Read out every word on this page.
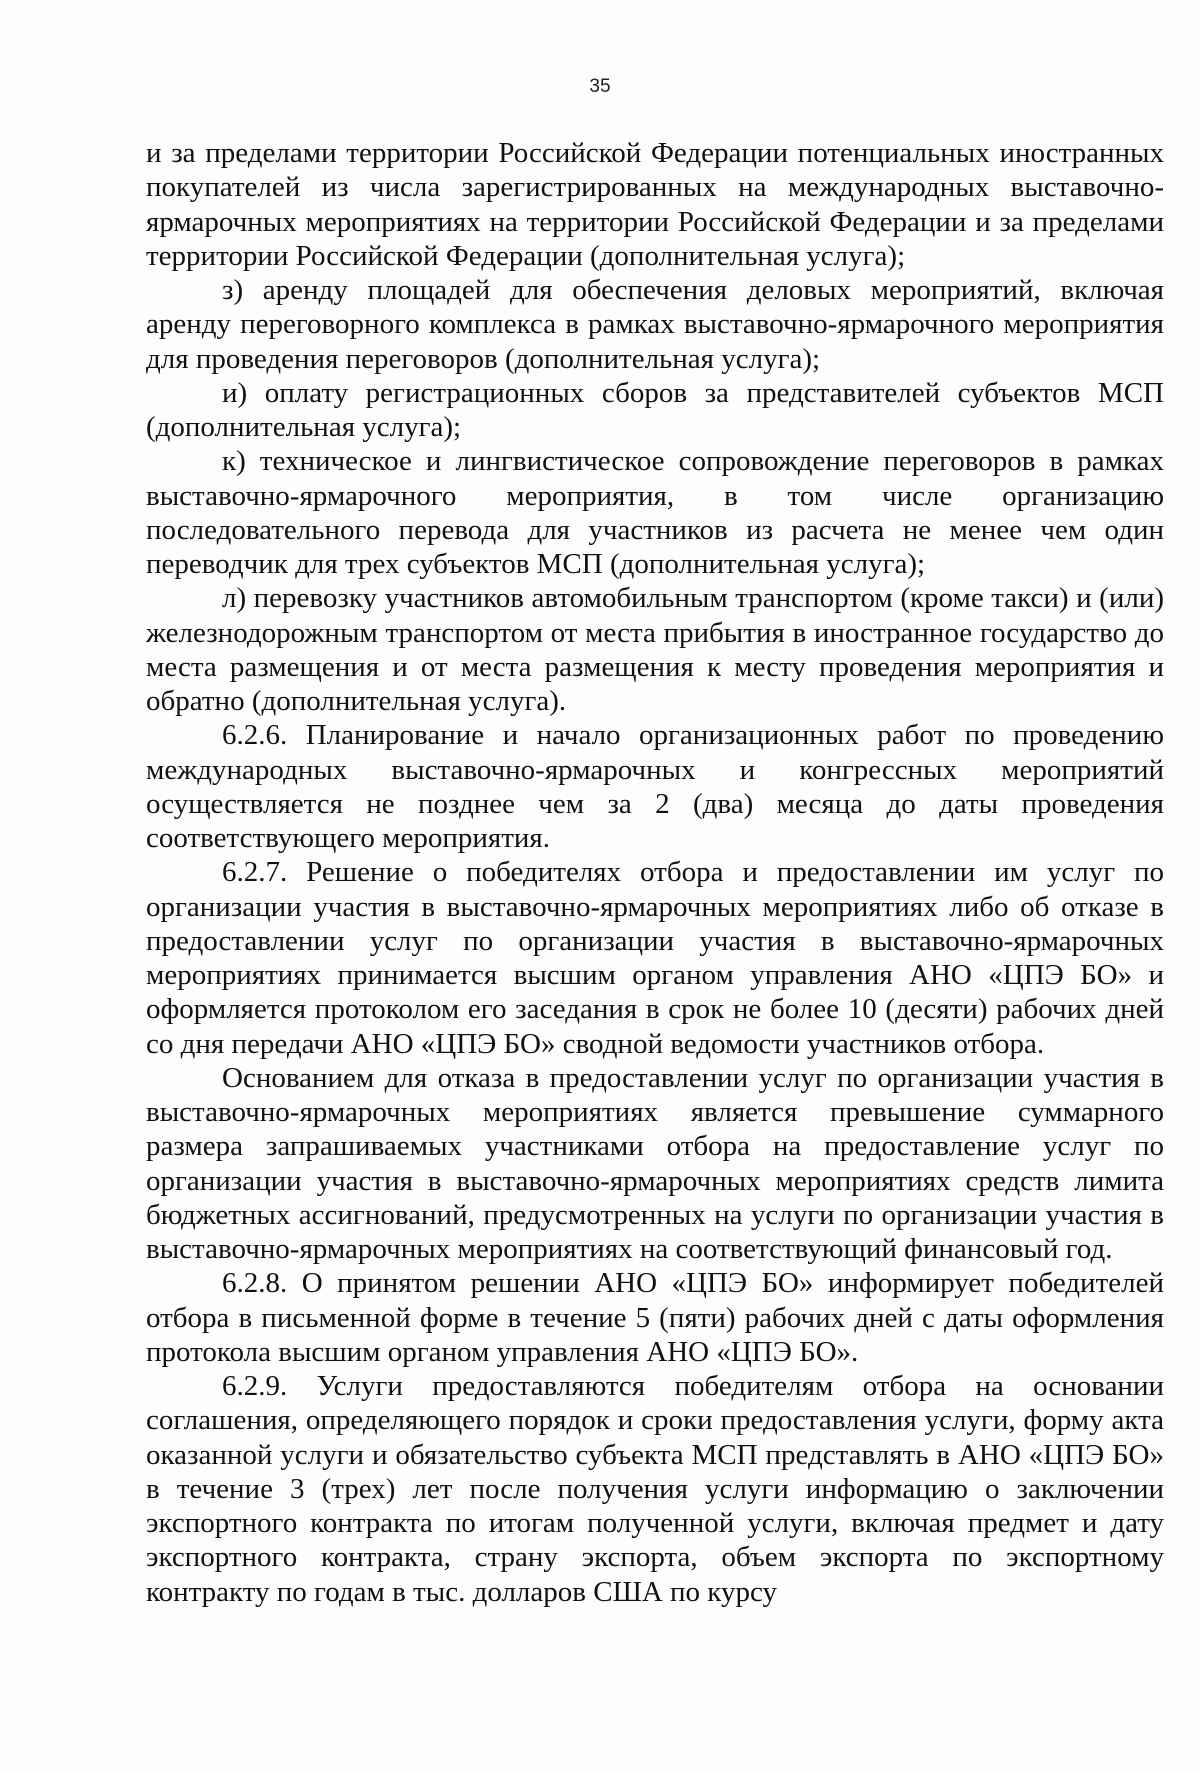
35

и за пределами территории Российской Федерации потенциальных иностранных покупателей из числа зарегистрированных на международных выставочно-ярмарочных мероприятиях на территории Российской Федерации и за пределами территории Российской Федерации (дополнительная услуга);

з) аренду площадей для обеспечения деловых мероприятий, включая аренду переговорного комплекса в рамках выставочно-ярмарочного мероприятия для проведения переговоров (дополнительная услуга);

и) оплату регистрационных сборов за представителей субъектов МСП (дополнительная услуга);

к) техническое и лингвистическое сопровождение переговоров в рамках выставочно-ярмарочного мероприятия, в том числе организацию последовательного перевода для участников из расчета не менее чем один переводчик для трех субъектов МСП (дополнительная услуга);

л) перевозку участников автомобильным транспортом (кроме такси) и (или) железнодорожным транспортом от места прибытия в иностранное государство до места размещения и от места размещения к месту проведения мероприятия и обратно (дополнительная услуга).

6.2.6. Планирование и начало организационных работ по проведению международных выставочно-ярмарочных и конгрессных мероприятий осуществляется не позднее чем за 2 (два) месяца до даты проведения соответствующего мероприятия.

6.2.7. Решение о победителях отбора и предоставлении им услуг по организации участия в выставочно-ярмарочных мероприятиях либо об отказе в предоставлении услуг по организации участия в выставочно-ярмарочных мероприятиях принимается высшим органом управления АНО «ЦПЭ БО» и оформляется протоколом его заседания в срок не более 10 (десяти) рабочих дней со дня передачи АНО «ЦПЭ БО» сводной ведомости участников отбора.

Основанием для отказа в предоставлении услуг по организации участия в выставочно-ярмарочных мероприятиях является превышение суммарного размера запрашиваемых участниками отбора на предоставление услуг по организации участия в выставочно-ярмарочных мероприятиях средств лимита бюджетных ассигнований, предусмотренных на услуги по организации участия в выставочно-ярмарочных мероприятиях на соответствующий финансовый год.

6.2.8. О принятом решении АНО «ЦПЭ БО» информирует победителей отбора в письменной форме в течение 5 (пяти) рабочих дней с даты оформления протокола высшим органом управления АНО «ЦПЭ БО».

6.2.9. Услуги предоставляются победителям отбора на основании соглашения, определяющего порядок и сроки предоставления услуги, форму акта оказанной услуги и обязательство субъекта МСП представлять в АНО «ЦПЭ БО» в течение 3 (трех) лет после получения услуги информацию о заключении экспортного контракта по итогам полученной услуги, включая предмет и дату экспортного контракта, страну экспорта, объем экспорта по экспортному контракту по годам в тыс. долларов США по курсу
